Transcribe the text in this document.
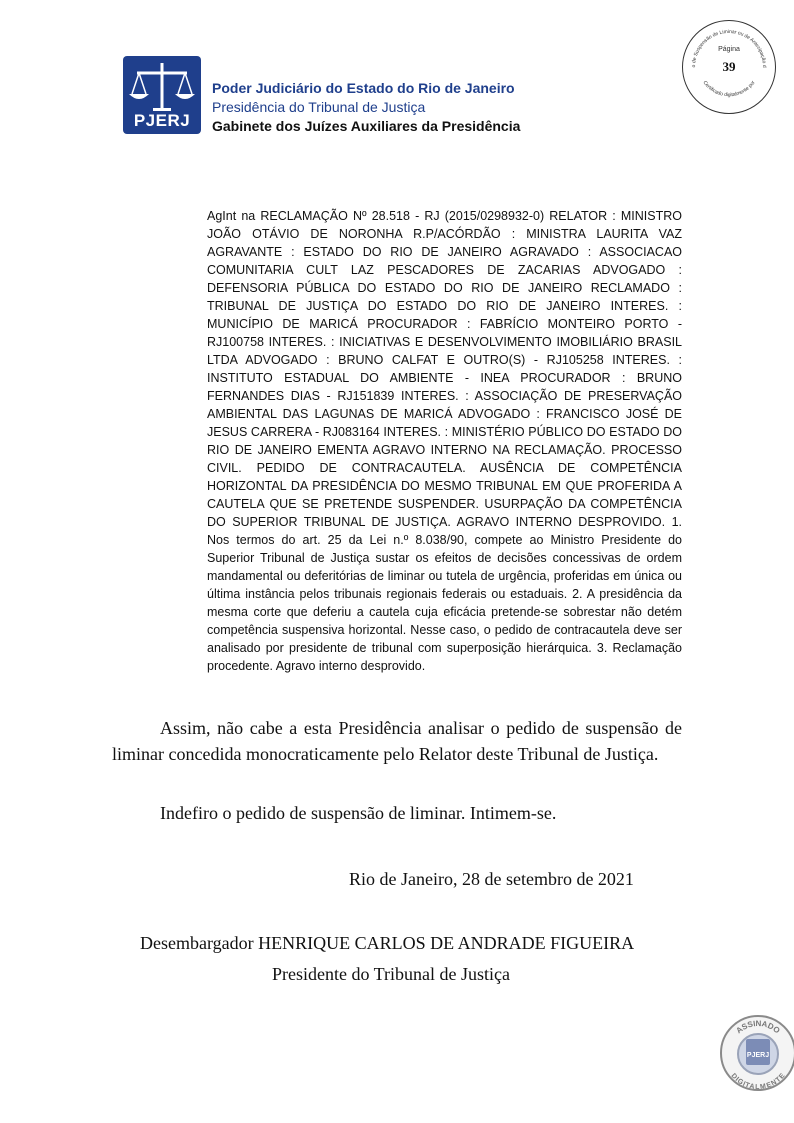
PJERJ
Poder Judiciário do Estado do Rio de Janeiro
Presidência do Tribunal de Justiça
Gabinete dos Juízes Auxiliares da Presidência
o de Suspensão de Liminar ou de Antecipação d
Certificado digitalmente por
Página
39
AgInt na RECLAMAÇÃO Nº 28.518 - RJ (2015/0298932-0) RELATOR : MINISTRO JOÃO OTÁVIO DE NORONHA R.P/ACÓRDÃO : MINISTRA LAURITA VAZ AGRAVANTE : ESTADO DO RIO DE JANEIRO AGRAVADO : ASSOCIACAO COMUNITARIA CULT LAZ PESCADORES DE ZACARIAS ADVOGADO : DEFENSORIA PÚBLICA DO ESTADO DO RIO DE JANEIRO RECLAMADO : TRIBUNAL DE JUSTIÇA DO ESTADO DO RIO DE JANEIRO INTERES. : MUNICÍPIO DE MARICÁ PROCURADOR : FABRÍCIO MONTEIRO PORTO - RJ100758 INTERES. : INICIATIVAS E DESENVOLVIMENTO IMOBILIÁRIO BRASIL LTDA ADVOGADO : BRUNO CALFAT E OUTRO(S) - RJ105258 INTERES. : INSTITUTO ESTADUAL DO AMBIENTE - INEA PROCURADOR : BRUNO FERNANDES DIAS - RJ151839 INTERES. : ASSOCIAÇÃO DE PRESERVAÇÃO AMBIENTAL DAS LAGUNAS DE MARICÁ ADVOGADO : FRANCISCO JOSÉ DE JESUS CARRERA - RJ083164 INTERES. : MINISTÉRIO PÚBLICO DO ESTADO DO RIO DE JANEIRO EMENTA AGRAVO INTERNO NA RECLAMAÇÃO. PROCESSO CIVIL. PEDIDO DE CONTRACAUTELA. AUSÊNCIA DE COMPETÊNCIA HORIZONTAL DA PRESIDÊNCIA DO MESMO TRIBUNAL EM QUE PROFERIDA A CAUTELA QUE SE PRETENDE SUSPENDER. USURPAÇÃO DA COMPETÊNCIA DO SUPERIOR TRIBUNAL DE JUSTIÇA. AGRAVO INTERNO DESPROVIDO. 1. Nos termos do art. 25 da Lei n.º 8.038/90, compete ao Ministro Presidente do Superior Tribunal de Justiça sustar os efeitos de decisões concessivas de ordem mandamental ou deferitórias de liminar ou tutela de urgência, proferidas em única ou última instância pelos tribunais regionais federais ou estaduais. 2. A presidência da mesma corte que deferiu a cautela cuja eficácia pretende-se sobrestar não detém competência suspensiva horizontal. Nesse caso, o pedido de contracautela deve ser analisado por presidente de tribunal com superposição hierárquica. 3. Reclamação procedente. Agravo interno desprovido.
Assim, não cabe a esta Presidência analisar o pedido de suspensão de liminar concedida monocraticamente pelo Relator deste Tribunal de Justiça.
Indefiro o pedido de suspensão de liminar. Intimem-se.
Rio de Janeiro, 28 de setembro de 2021
Desembargador HENRIQUE CARLOS DE ANDRADE FIGUEIRA
Presidente do Tribunal de Justiça
ASSINADO
DIGITALMENTE
PJERJ
